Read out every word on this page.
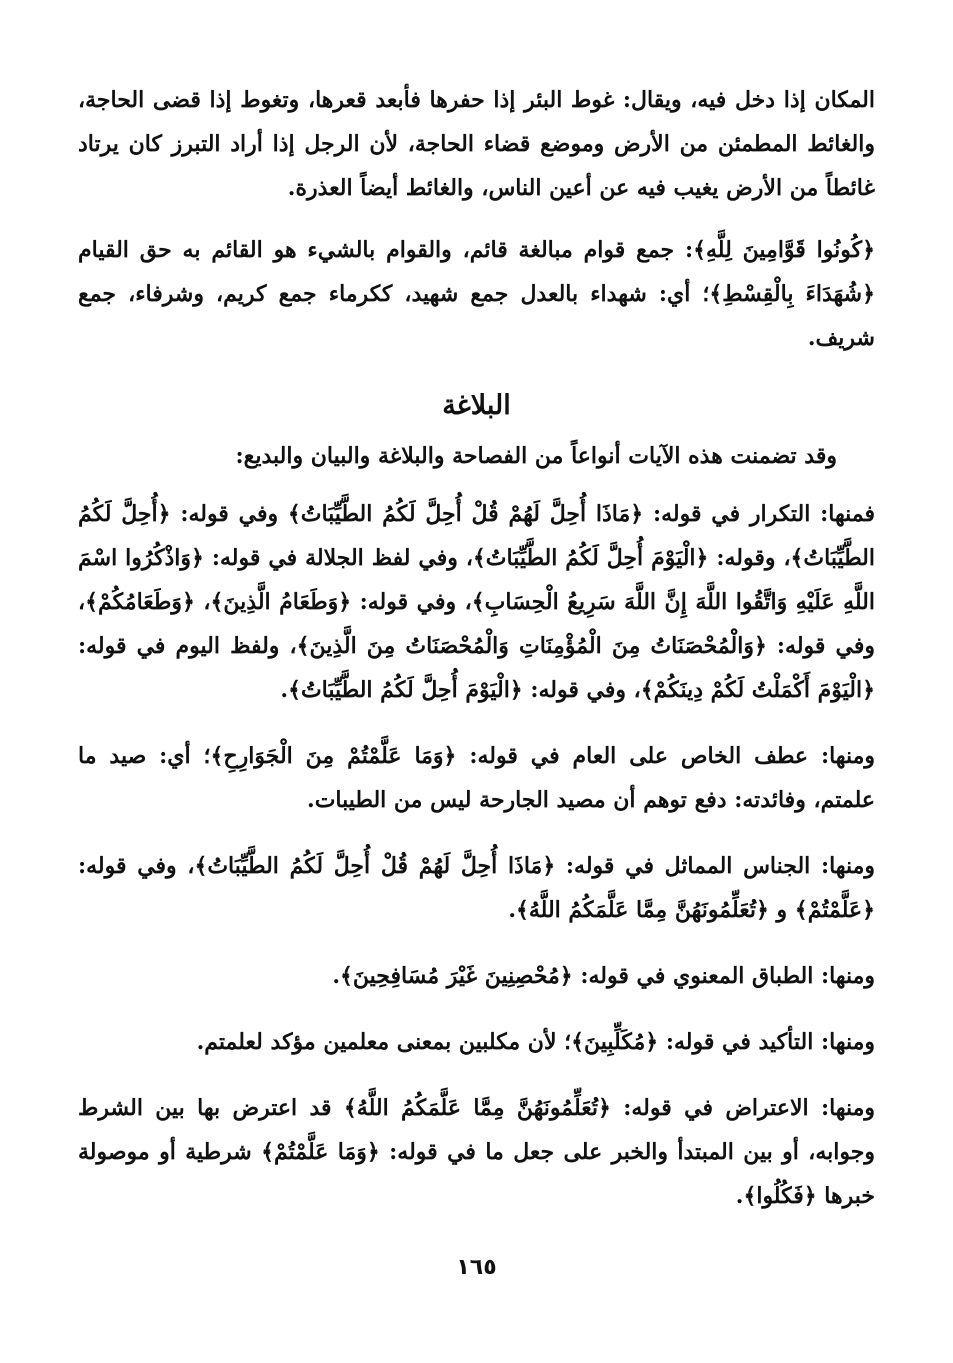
المكان إذا دخل فيه، ويقال: غوط البئر إذا حفرها فأبعد قعرها، وتغوط إذا قضى الحاجة، والغائط المطمئن من الأرض وموضع قضاء الحاجة، لأن الرجل إذا أراد التبرز كان يرتاد غائطاً من الأرض يغيب فيه عن أعين الناس، والغائط أيضاً العذرة.

﴿كُونُوا قَوَّامِينَ لِلَّهِ﴾: جمع قوام مبالغة قائم، والقوام بالشيء هو القائم به حق القيام ﴿شُهَدَاءَ بِالْقِسْطِ﴾؛ أي: شهداء بالعدل جمع شهيد، ككرماء جمع كريم، وشرفاء، جمع شريف.

البلاغة
وقد تضمنت هذه الآيات أنواعاً من الفصاحة والبلاغة والبيان والبديع:

فمنها: التكرار في قوله: ﴿مَاذَا أُحِلَّ لَهُمْ قُلْ أُحِلَّ لَكُمُ الطَّيِّبَاتُ﴾ وفي قوله: ﴿أُحِلَّ لَكُمُ الطَّيِّبَاتُ﴾، وقوله: ﴿الْيَوْمَ أُحِلَّ لَكُمُ الطَّيِّبَاتُ﴾، وفي لفظ الجلالة في قوله: ﴿وَاذْكُرُوا اسْمَ اللَّهِ عَلَيْهِ وَاتَّقُوا اللَّهَ إِنَّ اللَّهَ سَرِيعُ الْحِسَابِ﴾، وفي قوله: ﴿وَطَعَامُ الَّذِينَ﴾، ﴿وَطَعَامُكُمْ﴾، وفي قوله: ﴿وَالْمُحْصَنَاتُ مِنَ الْمُؤْمِنَاتِ وَالْمُحْصَنَاتُ مِنَ الَّذِينَ﴾، ولفظ اليوم في قوله: ﴿الْيَوْمَ أَكْمَلْتُ لَكُمْ دِينَكُمْ﴾، وفي قوله: ﴿الْيَوْمَ أُحِلَّ لَكُمُ الطَّيِّبَاتُ﴾.

ومنها: عطف الخاص على العام في قوله: ﴿وَمَا عَلَّمْتُمْ مِنَ الْجَوَارِحِ﴾؛ أي: صيد ما علمتم، وفائدته: دفع توهم أن مصيد الجارحة ليس من الطيبات.

ومنها: الجناس المماثل في قوله: ﴿مَاذَا أُحِلَّ لَهُمْ قُلْ أُحِلَّ لَكُمُ الطَّيِّبَاتُ﴾، وفي قوله: ﴿عَلَّمْتُمْ﴾ و ﴿تُعَلِّمُونَهُنَّ مِمَّا عَلَّمَكُمُ اللَّهُ﴾.

ومنها: الطباق المعنوي في قوله: ﴿مُحْصِنِينَ غَيْرَ مُسَافِحِينَ﴾.

ومنها: التأكيد في قوله: ﴿مُكَلِّبِينَ﴾؛ لأن مكلبين بمعنى معلمين مؤكد لعلمتم.

ومنها: الاعتراض في قوله: ﴿تُعَلِّمُونَهُنَّ مِمَّا عَلَّمَكُمُ اللَّهُ﴾ قد اعترض بها بين الشرط وجوابه، أو بين المبتدأ والخبر على جعل ما في قوله: ﴿وَمَا عَلَّمْتُمْ﴾ شرطية أو موصولة خبرها ﴿فَكُلُوا﴾.

١٦٥
